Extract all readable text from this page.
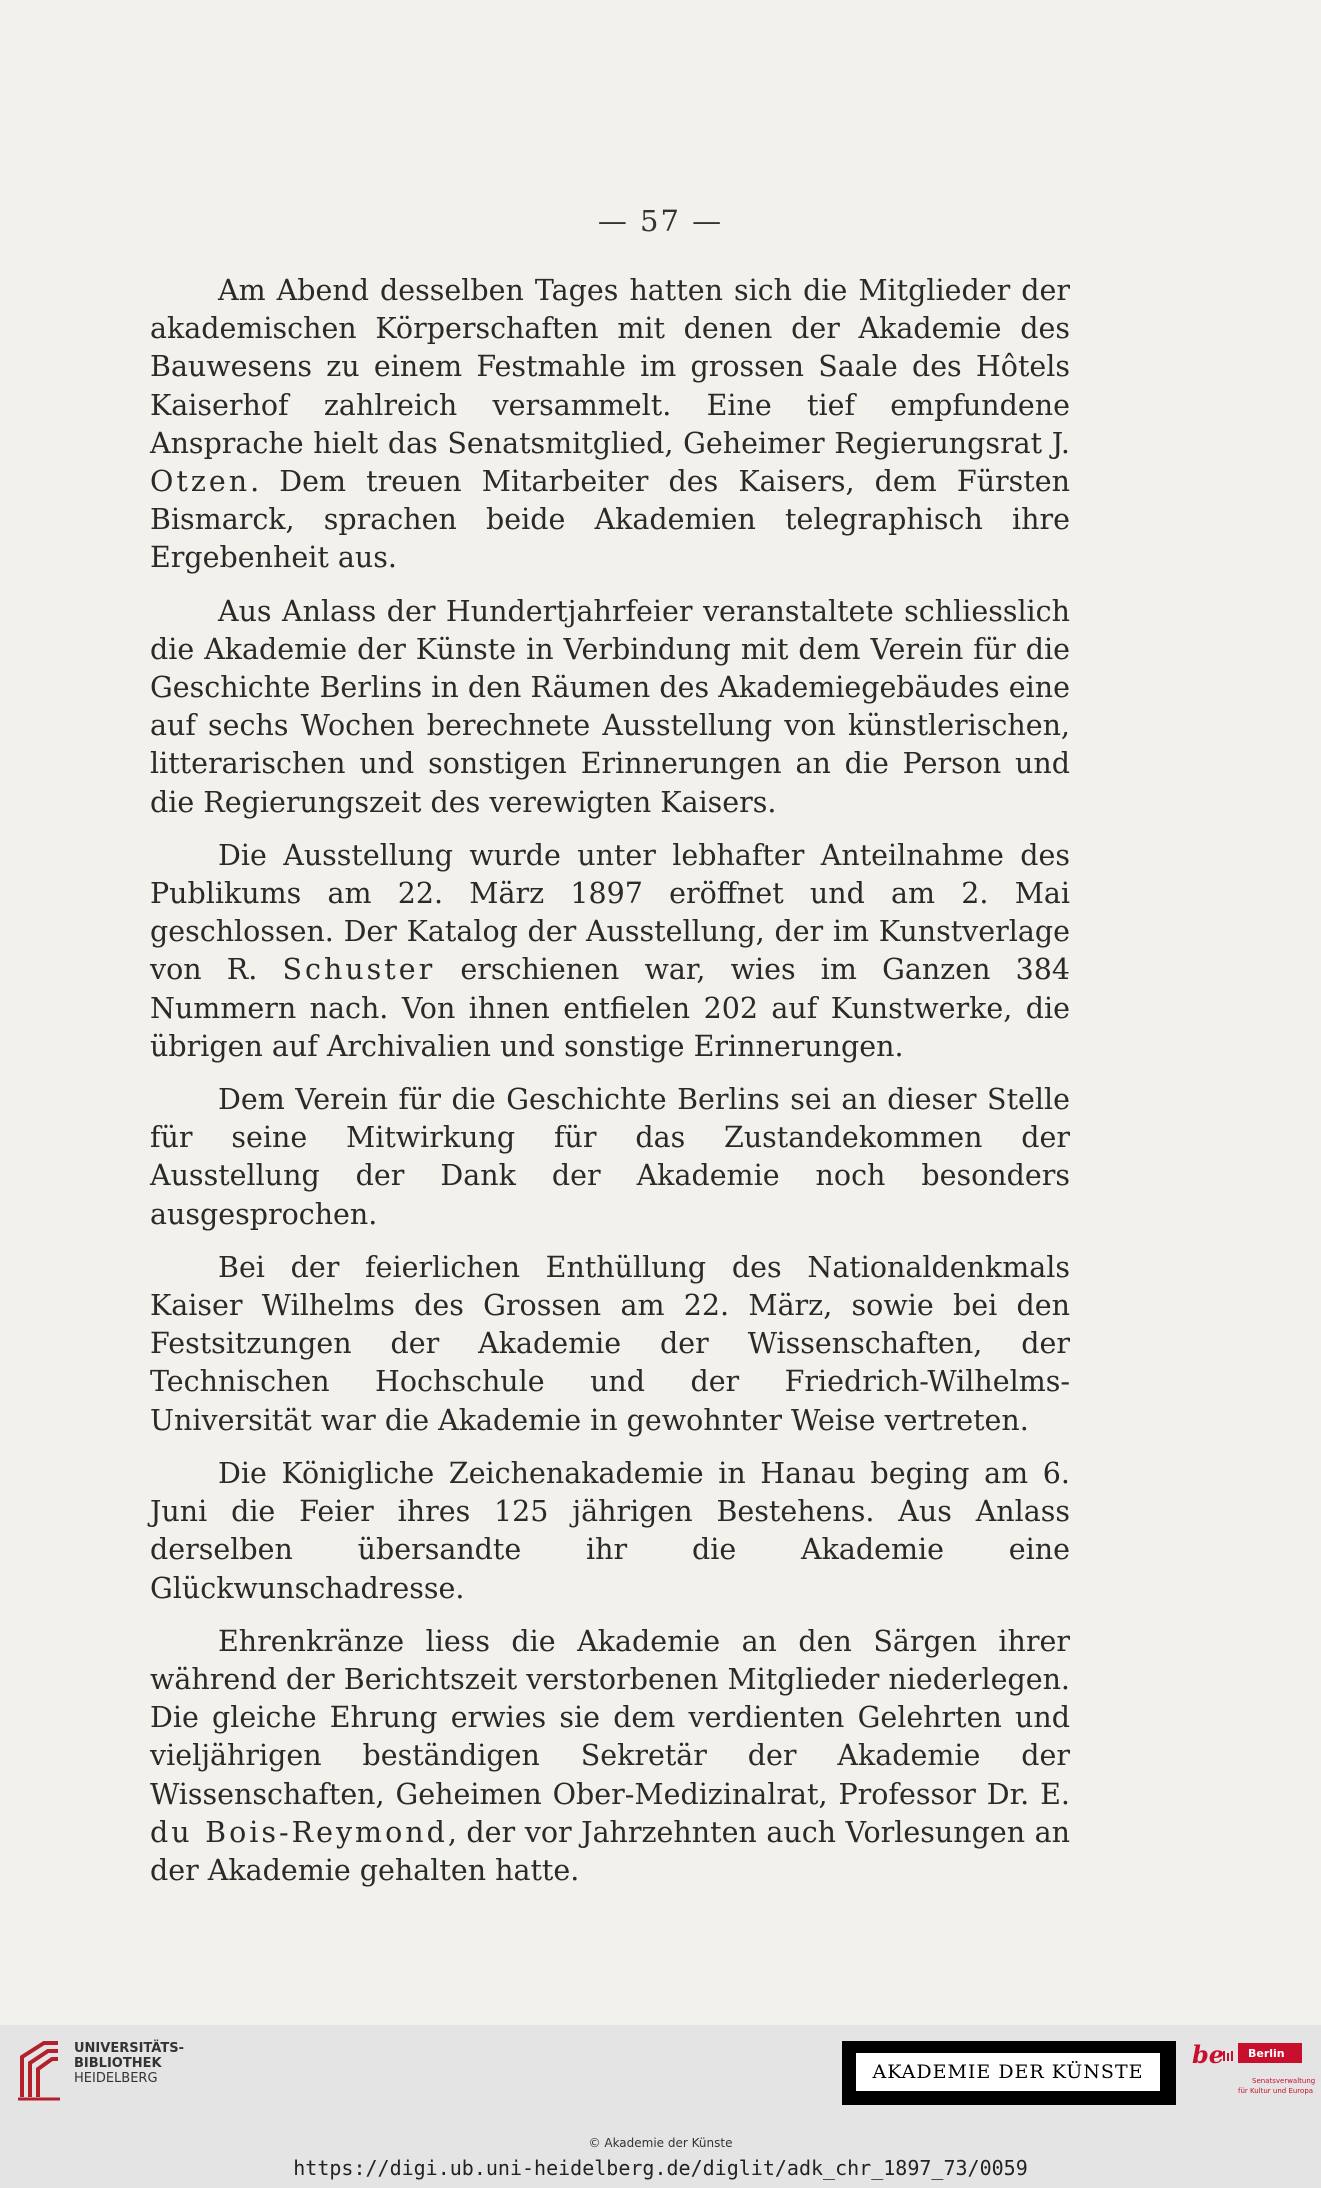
— 57 —

Am Abend desselben Tages hatten sich die Mitglieder der akademischen Körperschaften mit denen der Akademie des Bauwesens zu einem Festmahle im grossen Saale des Hôtels Kaiserhof zahlreich versammelt. Eine tief empfundene Ansprache hielt das Senatsmitglied, Geheimer Regierungsrat J. Otzen. Dem treuen Mitarbeiter des Kaisers, dem Fürsten Bismarck, sprachen beide Akademien telegraphisch ihre Ergebenheit aus.

Aus Anlass der Hundertjahrfeier veranstaltete schliesslich die Akademie der Künste in Verbindung mit dem Verein für die Geschichte Berlins in den Räumen des Akademiegebäudes eine auf sechs Wochen berechnete Ausstellung von künstlerischen, litterarischen und sonstigen Erinnerungen an die Person und die Regierungszeit des verewigten Kaisers.

Die Ausstellung wurde unter lebhafter Anteilnahme des Publikums am 22. März 1897 eröffnet und am 2. Mai geschlossen. Der Katalog der Ausstellung, der im Kunstverlage von R. Schuster erschienen war, wies im Ganzen 384 Nummern nach. Von ihnen entfielen 202 auf Kunstwerke, die übrigen auf Archivalien und sonstige Erinnerungen.

Dem Verein für die Geschichte Berlins sei an dieser Stelle für seine Mitwirkung für das Zustandekommen der Ausstellung der Dank der Akademie noch besonders ausgesprochen.

Bei der feierlichen Enthüllung des Nationaldenkmals Kaiser Wilhelms des Grossen am 22. März, sowie bei den Festsitzungen der Akademie der Wissenschaften, der Technischen Hochschule und der Friedrich-Wilhelms-Universität war die Akademie in gewohnter Weise vertreten.

Die Königliche Zeichenakademie in Hanau beging am 6. Juni die Feier ihres 125 jährigen Bestehens. Aus Anlass derselben übersandte ihr die Akademie eine Glückwunschadresse.

Ehrenkränze liess die Akademie an den Särgen ihrer während der Berichtszeit verstorbenen Mitglieder niederlegen. Die gleiche Ehrung erwies sie dem verdienten Gelehrten und vieljährigen beständigen Sekretär der Akademie der Wissenschaften, Geheimen Ober-Medizinalrat, Professor Dr. E. du Bois-Reymond, der vor Jahrzehnten auch Vorlesungen an der Akademie gehalten hatte.

UNIVERSITÄTS-
BIBLIOTHEK
HEIDELBERG	AKADEMIE DER KÜNSTE
be Berlin
Senatsverwaltung
für Kultur und Europa
© Akademie der Künste
https://digi.ub.uni-heidelberg.de/diglit/adk_chr_1897_73/0059
